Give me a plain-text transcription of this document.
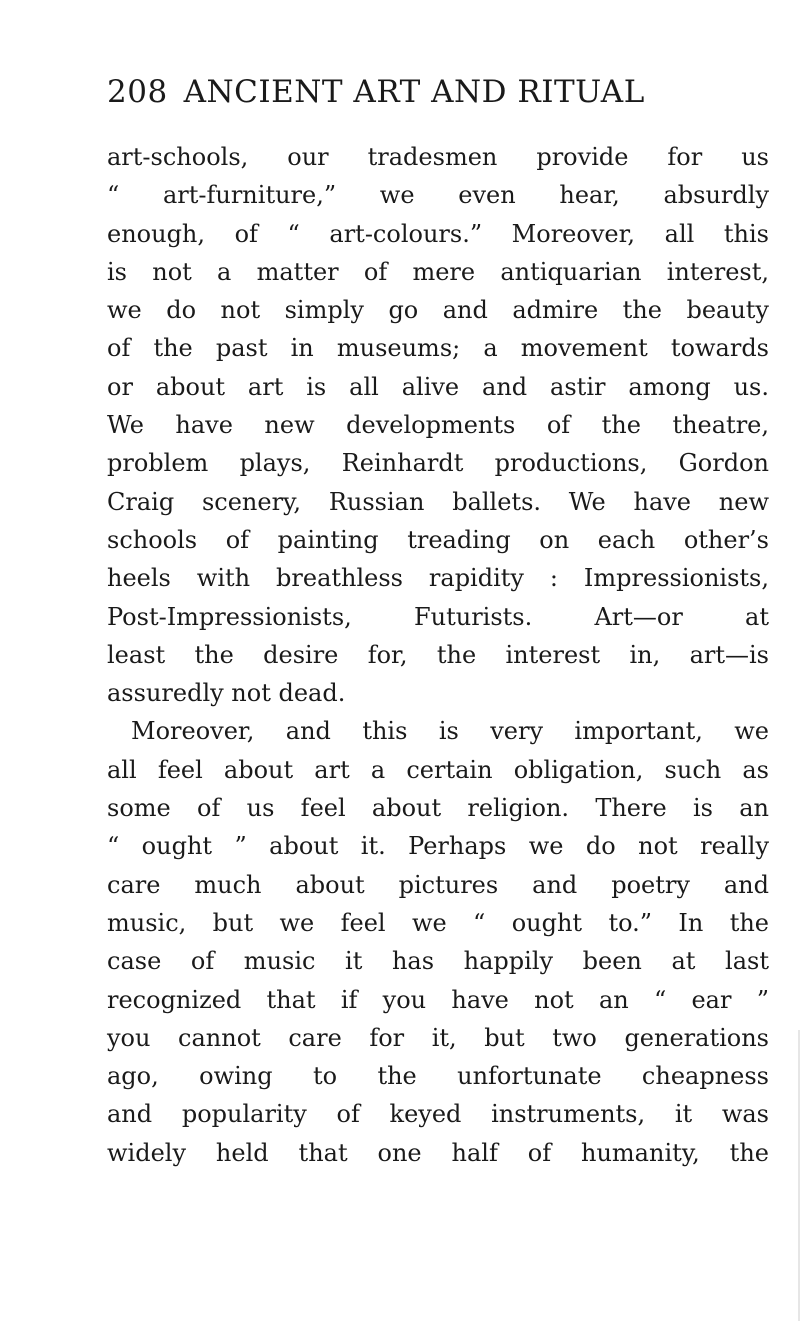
208 ANCIENT ART AND RITUAL
art-schools, our tradesmen provide for us
“ art-furniture,” we even hear, absurdly
enough, of “ art-colours.” Moreover, all this
is not a matter of mere antiquarian interest,
we do not simply go and admire the beauty
of the past in museums; a movement towards
or about art is all alive and astir among us.
We have new developments of the theatre,
problem plays, Reinhardt productions, Gordon
Craig scenery, Russian ballets. We have new
schools of painting treading on each other’s
heels with breathless rapidity : Impressionists,
Post-Impressionists, Futurists. Art—or at
least the desire for, the interest in, art—is
assuredly not dead.
Moreover, and this is very important, we
all feel about art a certain obligation, such as
some of us feel about religion. There is an
“ ought ” about it. Perhaps we do not really
care much about pictures and poetry and
music, but we feel we “ ought to.” In the
case of music it has happily been at last
recognized that if you have not an “ ear ”
you cannot care for it, but two generations
ago, owing to the unfortunate cheapness
and popularity of keyed instruments, it was
widely held that one half of humanity, the
